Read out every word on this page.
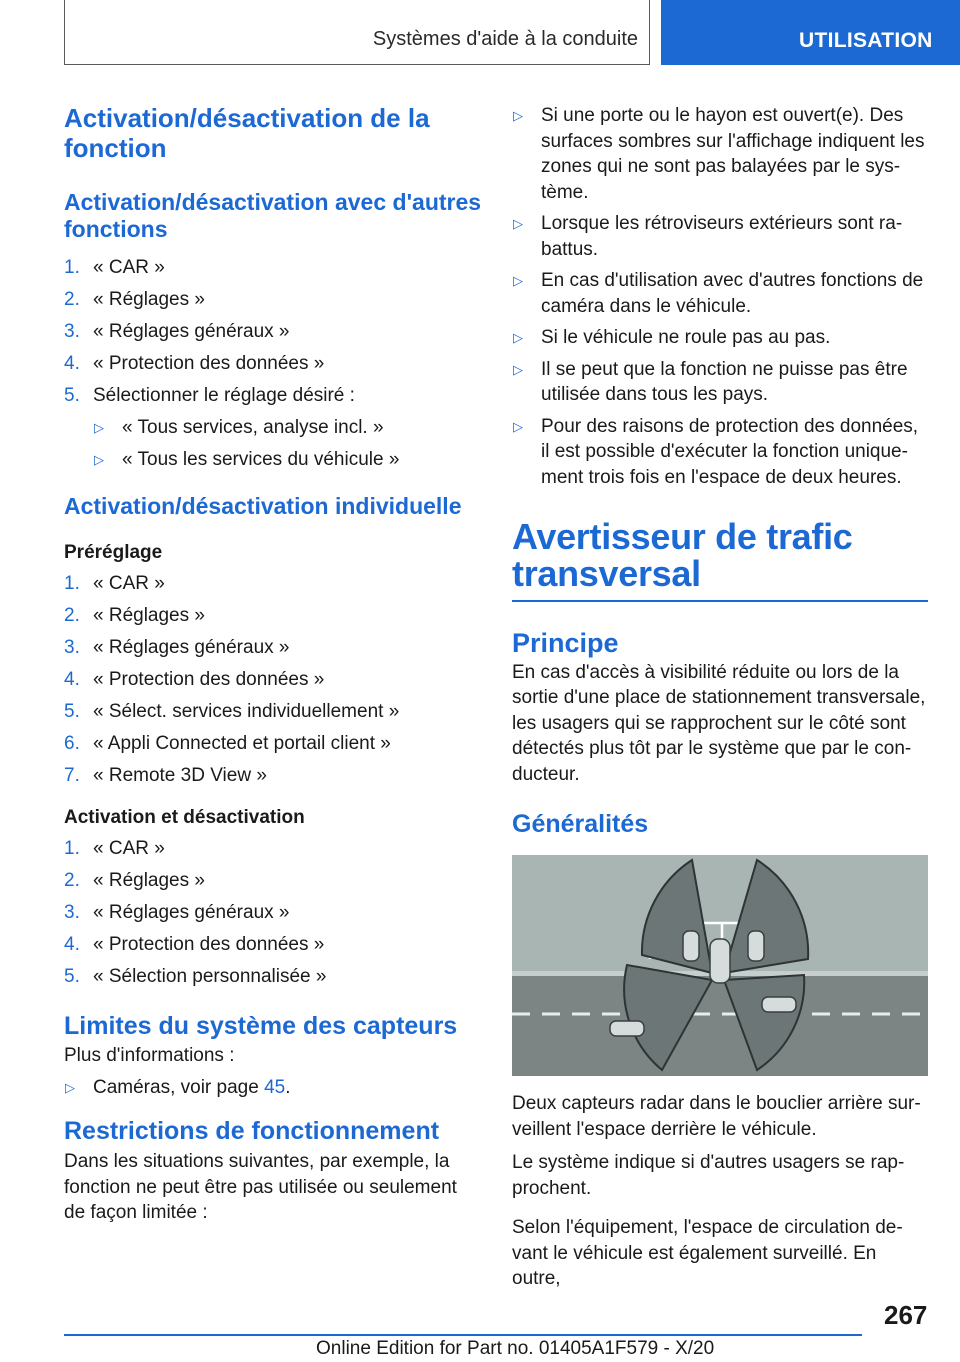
Systèmes d'aide à la conduite	UTILISATION
Activation/désactivation de la fonction
Activation/désactivation avec d'autres fonctions
1. « CAR »
2. « Réglages »
3. « Réglages généraux »
4. « Protection des données »
5. Sélectionner le réglage désiré :
▷ « Tous services, analyse incl. »
▷ « Tous les services du véhicule »
Activation/désactivation individuelle
Préréglage
1. « CAR »
2. « Réglages »
3. « Réglages généraux »
4. « Protection des données »
5. « Sélect. services individuellement »
6. « Appli Connected et portail client »
7. « Remote 3D View »
Activation et désactivation
1. « CAR »
2. « Réglages »
3. « Réglages généraux »
4. « Protection des données »
5. « Sélection personnalisée »
Limites du système des capteurs

Plus d'informations :

▷ Caméras, voir page 45.
Restrictions de fonctionnement

Dans les situations suivantes, par exemple, la fonction ne peut être pas utilisée ou seulement de façon limitée :

▷ Si une porte ou le hayon est ouvert(e). Des surfaces sombres sur l'affichage indiquent les zones qui ne sont pas balayées par le système.
▷ Lorsque les rétroviseurs extérieurs sont rabattus.
▷ En cas d'utilisation avec d'autres fonctions de caméra dans le véhicule.
▷ Si le véhicule ne roule pas au pas.
▷ Il se peut que la fonction ne puisse pas être utilisée dans tous les pays.
▷ Pour des raisons de protection des données, il est possible d'exécuter la fonction uniquement trois fois en l'espace de deux heures.
Avertisseur de trafic transversal
Principe

En cas d'accès à visibilité réduite ou lors de la sortie d'une place de stationnement transversale, les usagers qui se rapprochent sur le côté sont détectés plus tôt par le système que par le conducteur.

Généralités

Deux capteurs radar dans le bouclier arrière surveillent l'espace derrière le véhicule.

Le système indique si d'autres usagers se rapprochent.

Selon l'équipement, l'espace de circulation devant le véhicule est également surveillé. En outre,

267
Online Edition for Part no. 01405A1F579 - X/20
